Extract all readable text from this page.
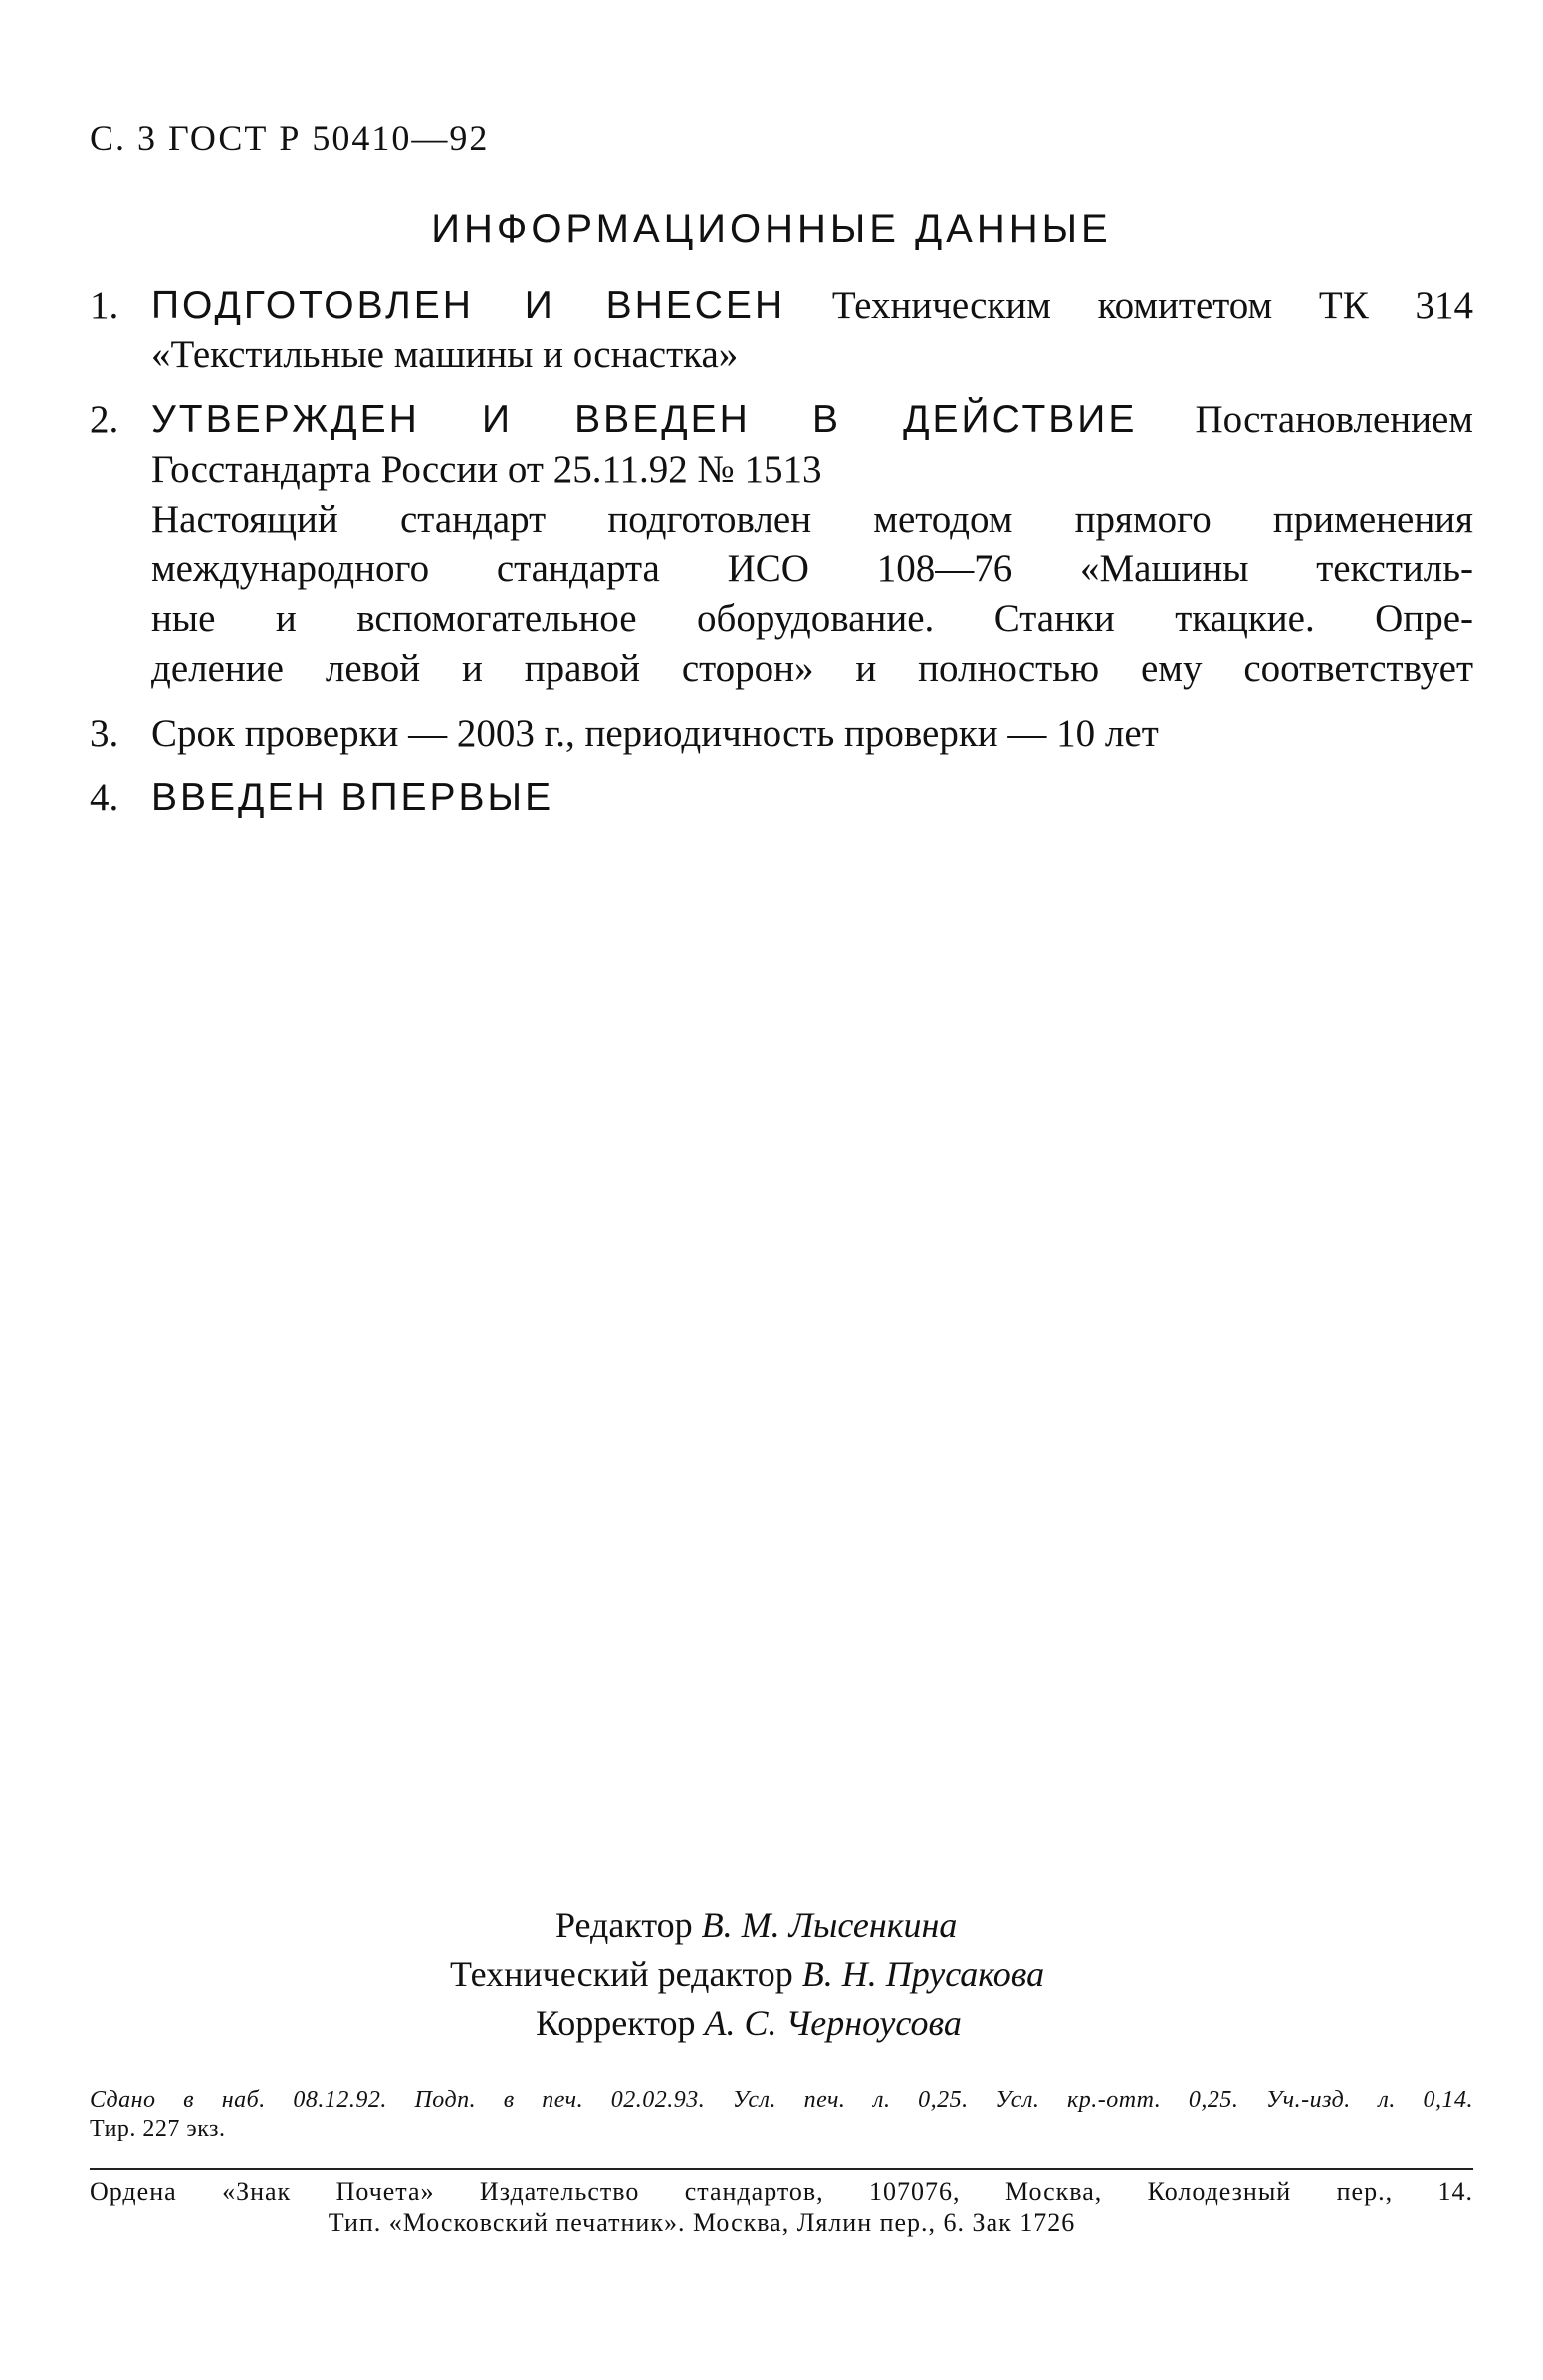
С. 3 ГОСТ Р 50410—92
ИНФОРМАЦИОННЫЕ ДАННЫЕ
1. ПОДГОТОВЛЕН И ВНЕСЕН Техническим комитетом ТК 314
«Текстильные машины и оснастка»
2. УТВЕРЖДЕН И ВВЕДЕН В ДЕЙСТВИЕ Постановлением
Госстандарта России от 25.11.92 № 1513
Настоящий стандарт подготовлен методом прямого применения
международного стандарта ИСО 108—76 «Машины текстиль-
ные и вспомогательное оборудование. Станки ткацкие. Опре-
деление левой и правой сторон» и полностью ему соответствует
3. Срок проверки — 2003 г., периодичность проверки — 10 лет
4. ВВЕДЕН ВПЕРВЫЕ
Редактор В. М. Лысенкина
Технический редактор В. Н. Прусакова
Корректор А. С. Черноусова
Сдано в наб. 08.12.92. Подп. в печ. 02.02.93. Усл. печ. л. 0,25. Усл. кр.-отт. 0,25. Уч.-изд. л. 0,14.
Тир. 227 экз.
Ордена «Знак Почета» Издательство стандартов, 107076, Москва, Колодезный пер., 14.
Тип. «Московский печатник». Москва, Лялин пер., 6. Зак 1726
